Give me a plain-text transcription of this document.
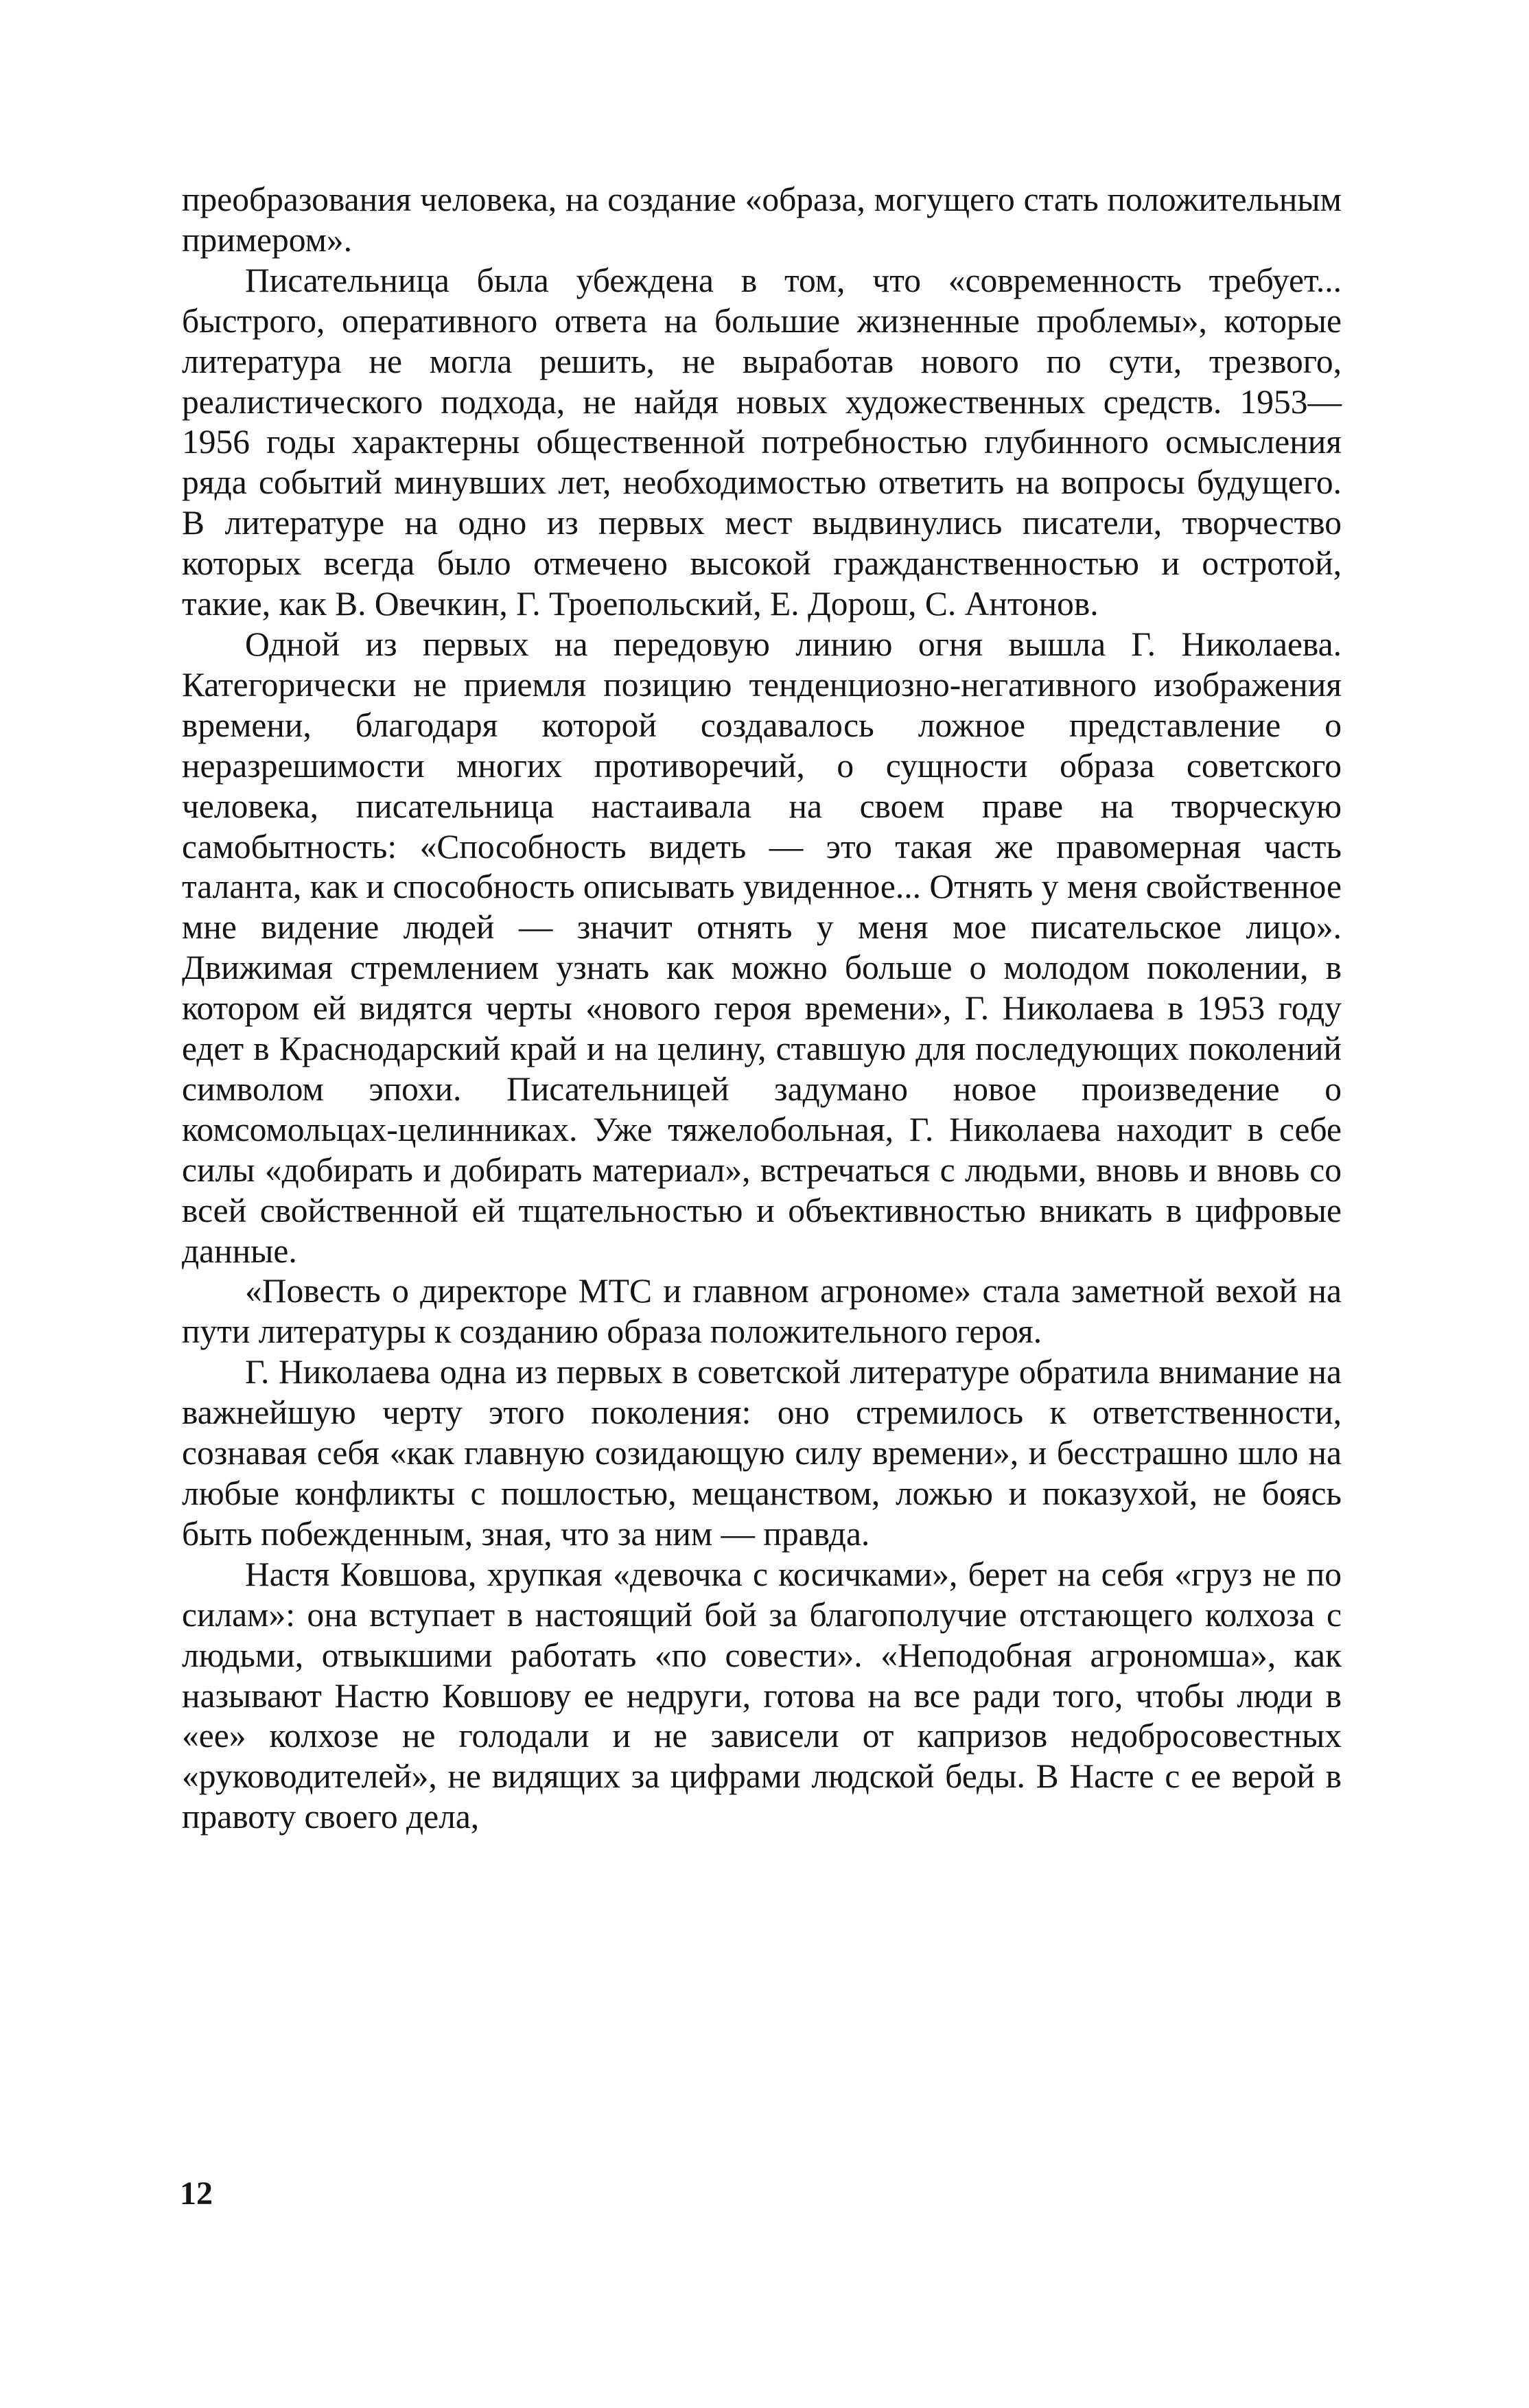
преобразования человека, на создание «образа, могущего стать положительным примером».

Писательница была убеждена в том, что «современность требует... быстрого, оперативного ответа на большие жизненные проблемы», которые литература не могла решить, не выработав нового по сути, трезвого, реалистического подхода, не найдя новых художественных средств. 1953—1956 годы характерны общественной потребностью глубинного осмысления ряда событий минувших лет, необходимостью ответить на вопросы будущего. В литературе на одно из первых мест выдвинулись писатели, творчество которых всегда было отмечено высокой гражданственностью и остротой, такие, как В. Овечкин, Г. Троепольский, Е. Дорош, С. Антонов.

Одной из первых на передовую линию огня вышла Г. Николаева. Категорически не приемля позицию тенденциозно-негативного изображения времени, благодаря которой создавалось ложное представление о неразрешимости многих противоречий, о сущности образа советского человека, писательница настаивала на своем праве на творческую самобытность: «Способность видеть — это такая же правомерная часть таланта, как и способность описывать увиденное... Отнять у меня свойственное мне видение людей — значит отнять у меня мое писательское лицо». Движимая стремлением узнать как можно больше о молодом поколении, в котором ей видятся черты «нового героя времени», Г. Николаева в 1953 году едет в Краснодарский край и на целину, ставшую для последующих поколений символом эпохи. Писательницей задумано новое произведение о комсомольцах-целинниках. Уже тяжелобольная, Г. Николаева находит в себе силы «добирать и добирать материал», встречаться с людьми, вновь и вновь со всей свойственной ей тщательностью и объективностью вникать в цифровые данные.

«Повесть о директоре МТС и главном агрономе» стала заметной вехой на пути литературы к созданию образа положительного героя.

Г. Николаева одна из первых в советской литературе обратила внимание на важнейшую черту этого поколения: оно стремилось к ответственности, сознавая себя «как главную созидающую силу времени», и бесстрашно шло на любые конфликты с пошлостью, мещанством, ложью и показухой, не боясь быть побежденным, зная, что за ним — правда.

Настя Ковшова, хрупкая «девочка с косичками», берет на себя «груз не по силам»: она вступает в настоящий бой за благополучие отстающего колхоза с людьми, отвыкшими работать «по совести». «Неподобная агрономша», как называют Настю Ковшову ее недруги, готова на все ради того, чтобы люди в «ее» колхозе не голодали и не зависели от капризов недобросовестных «руководителей», не видящих за цифрами людской беды. В Насте с ее верой в правоту своего дела,

12
